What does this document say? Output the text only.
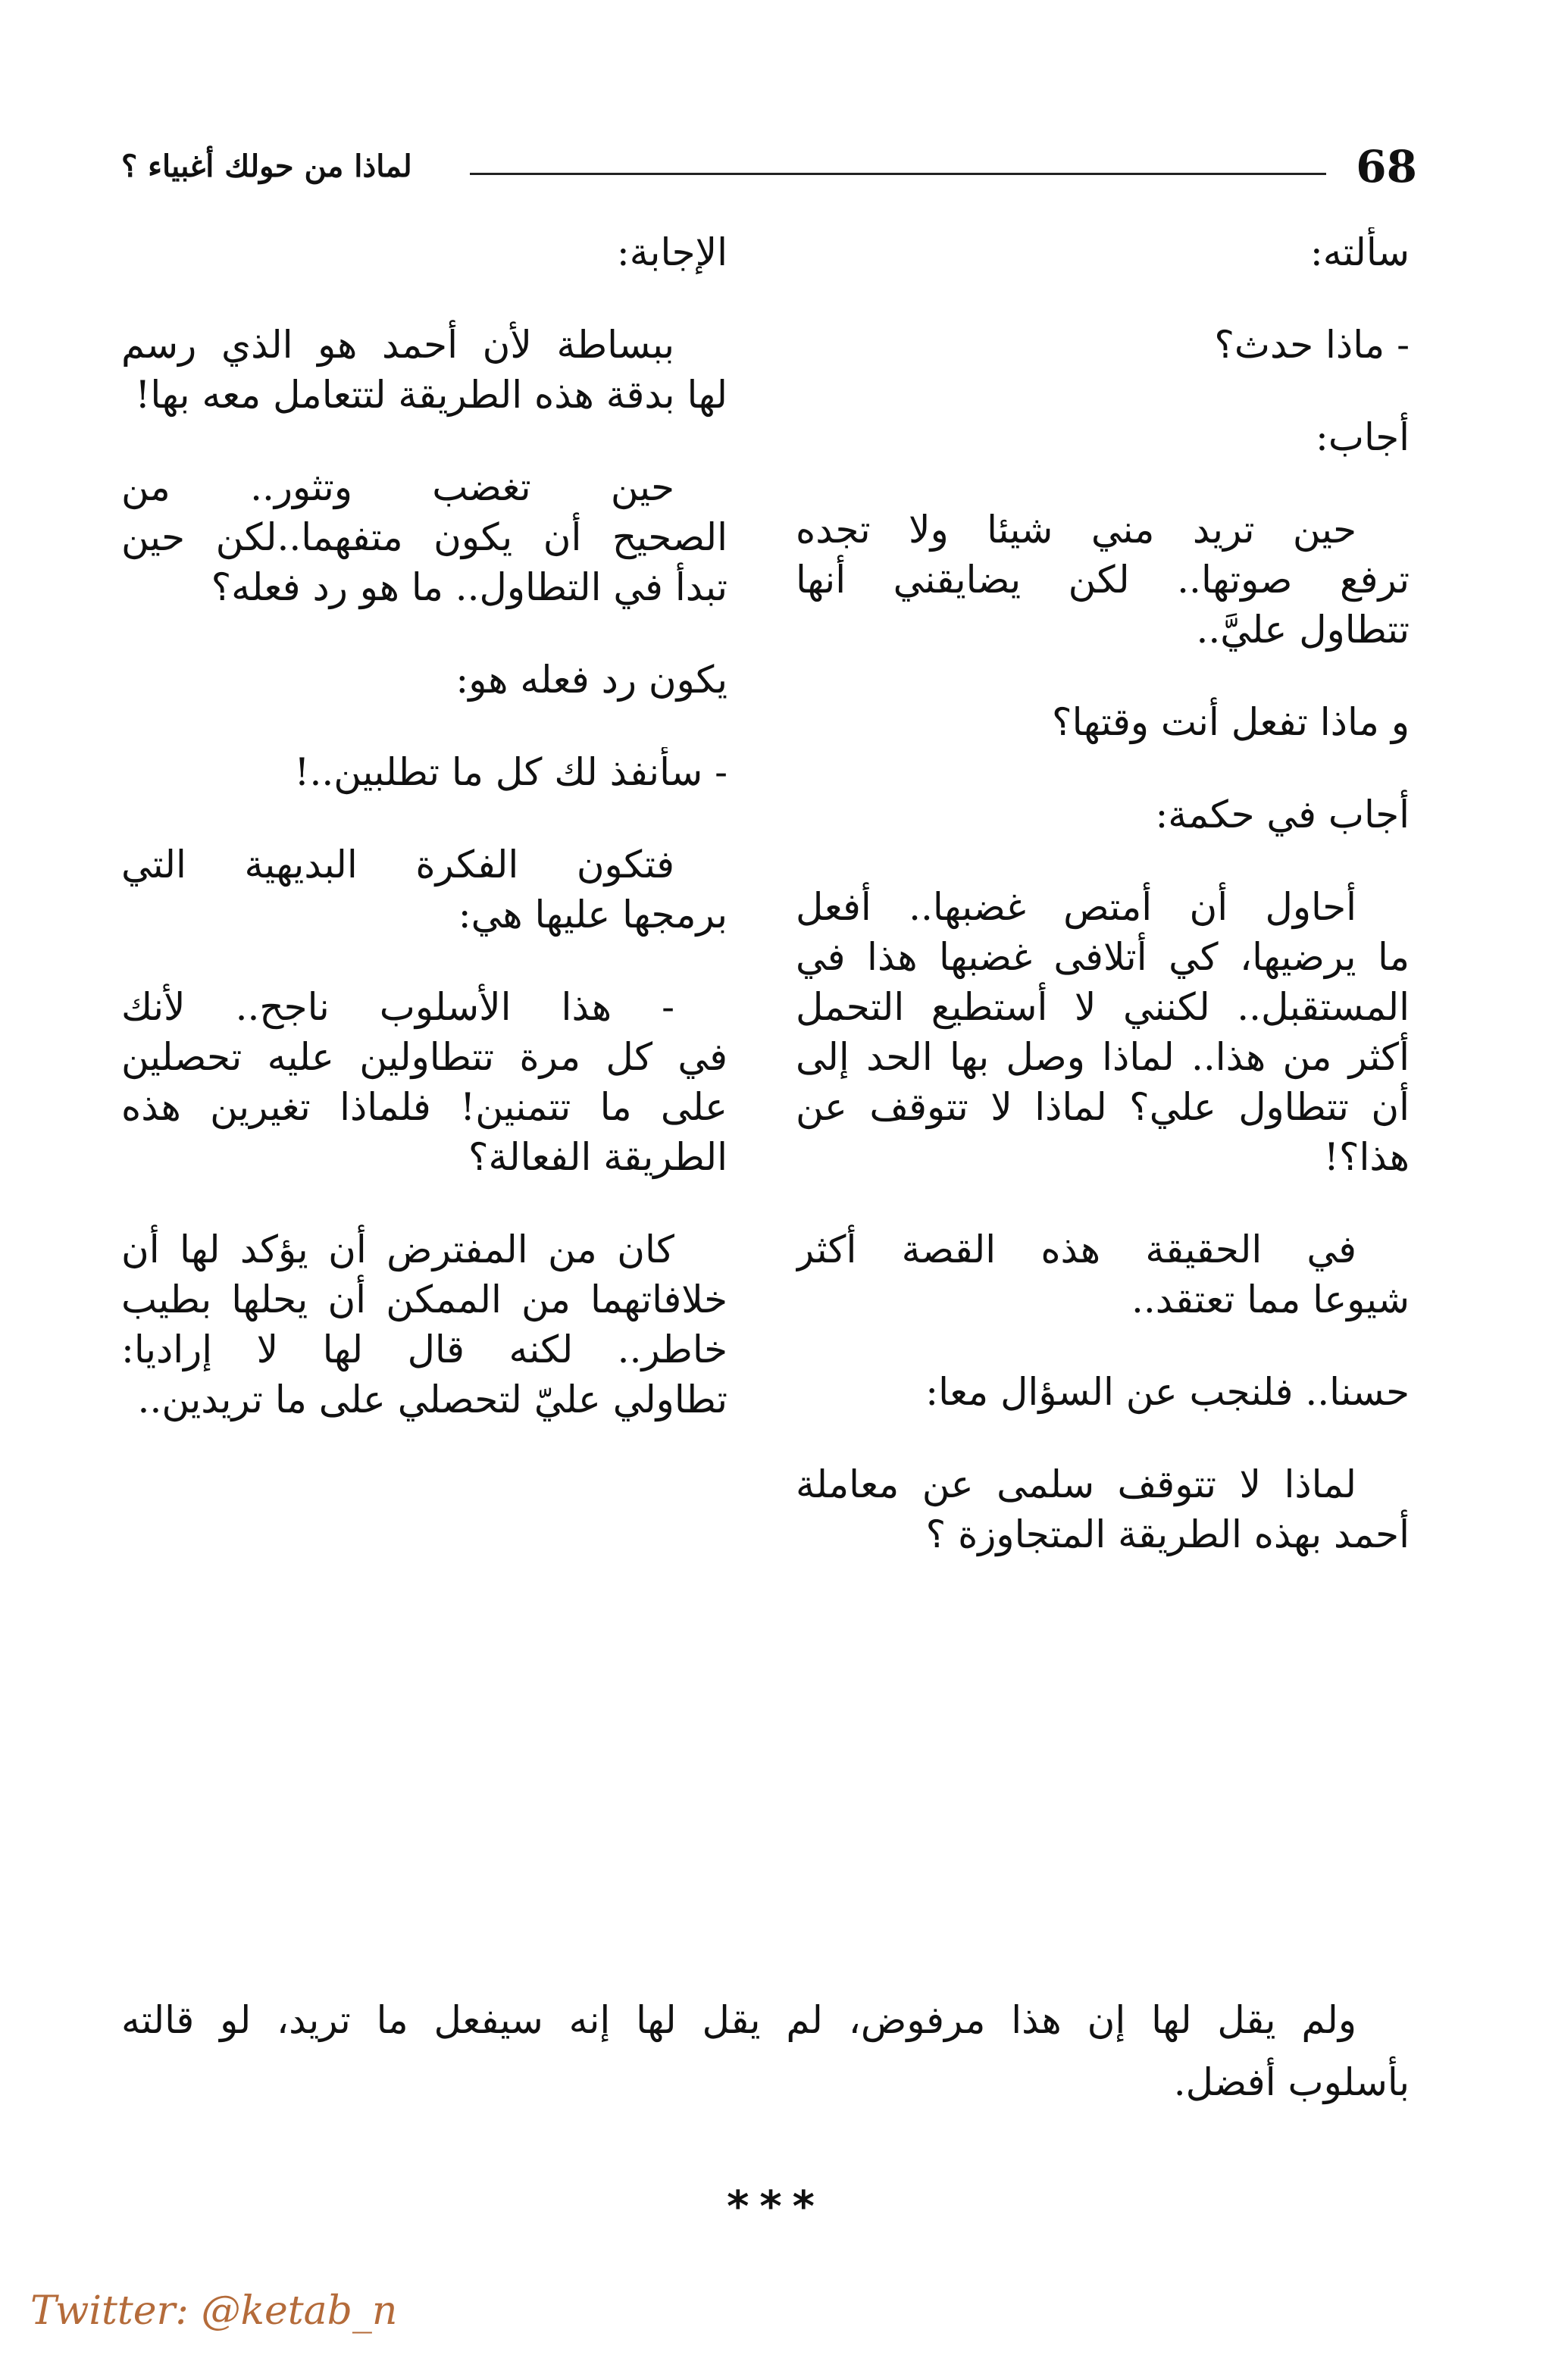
68
لماذا من حولك أغبياء ؟
سألته:
- ماذا حدث؟
أجاب:
حين تريد مني شيئا ولا تجده
ترفع صوتها.. لكن يضايقني أنها
تتطاول عليَّ..
و ماذا تفعل أنت وقتها؟
أجاب في حكمة:
أحاول أن أمتص غضبها.. أفعل
ما يرضيها، كي أتلافى غضبها هذا في
المستقبل.. لكنني لا أستطيع التحمل
أكثر من هذا.. لماذا وصل بها الحد إلى
أن تتطاول علي؟ لماذا لا تتوقف عن
هذا؟!
في الحقيقة هذه القصة أكثر
شيوعا مما تعتقد..
حسنا.. فلنجب عن السؤال معا:
لماذا لا تتوقف سلمى عن معاملة
أحمد بهذه الطريقة المتجاوزة ؟
الإجابة:
ببساطة لأن أحمد هو الذي رسم
لها بدقة هذه الطريقة لتتعامل معه بها!
حين تغضب وتثور.. من
الصحيح أن يكون متفهما..لكن حين
تبدأ في التطاول.. ما هو رد فعله؟
يكون رد فعله هو:
- سأنفذ لك كل ما تطلبين..!
فتكون الفكرة البديهية التي
برمجها عليها هي:
- هذا الأسلوب ناجح.. لأنك
في كل مرة تتطاولين عليه تحصلين
على ما تتمنين! فلماذا تغيرين هذه
الطريقة الفعالة؟
كان من المفترض أن يؤكد لها أن
خلافاتهما من الممكن أن يحلها بطيب
خاطر.. لكنه قال لها لا إراديا:
تطاولي عليّ لتحصلي على ما تريدين..
ولم يقل لها إن هذا مرفوض، لم يقل لها إنه سيفعل ما تريد، لو قالته
بأسلوب أفضل.
***
Twitter: @ketab_n
